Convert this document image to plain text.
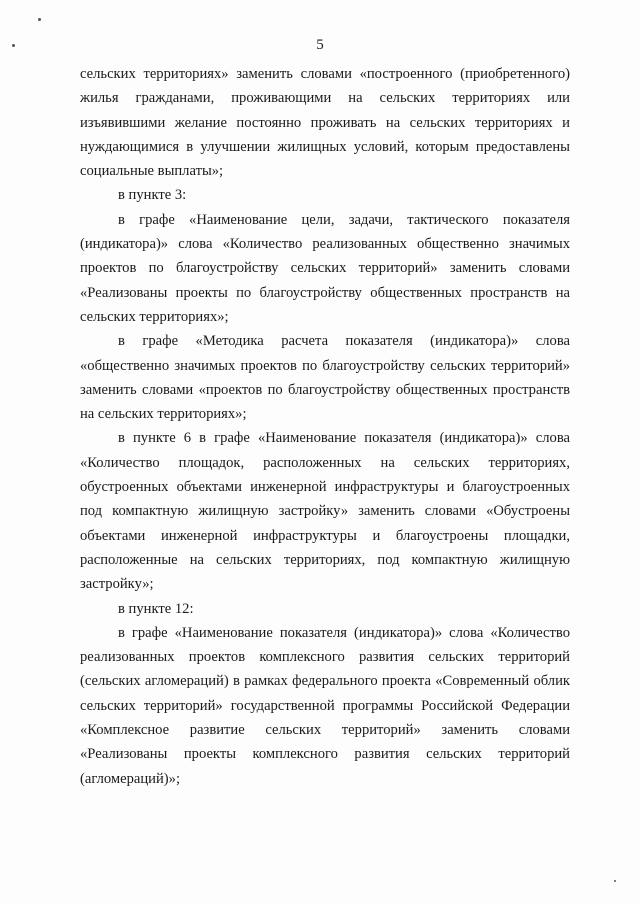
5

сельских территориях» заменить словами «построенного (приобретенного) жилья гражданами, проживающими на сельских территориях или изъявившими желание постоянно проживать на сельских территориях и нуждающимися в улучшении жилищных условий, которым предоставлены социальные выплаты»;

в пункте 3:

в графе «Наименование цели, задачи, тактического показателя (индикатора)» слова «Количество реализованных общественно значимых проектов по благоустройству сельских территорий» заменить словами «Реализованы проекты по благоустройству общественных пространств на сельских территориях»;

в графе «Методика расчета показателя (индикатора)» слова «общественно значимых проектов по благоустройству сельских территорий» заменить словами «проектов по благоустройству общественных пространств на сельских территориях»;

в пункте 6 в графе «Наименование показателя (индикатора)» слова «Количество площадок, расположенных на сельских территориях, обустроенных объектами инженерной инфраструктуры и благоустроенных под компактную жилищную застройку» заменить словами «Обустроены объектами инженерной инфраструктуры и благоустроены площадки, расположенные на сельских территориях, под компактную жилищную застройку»;

в пункте 12:

в графе «Наименование показателя (индикатора)» слова «Количество реализованных проектов комплексного развития сельских территорий (сельских агломераций) в рамках федерального проекта «Современный облик сельских территорий» государственной программы Российской Федерации «Комплексное развитие сельских территорий» заменить словами «Реализованы проекты комплексного развития сельских территорий (агломераций)»;
